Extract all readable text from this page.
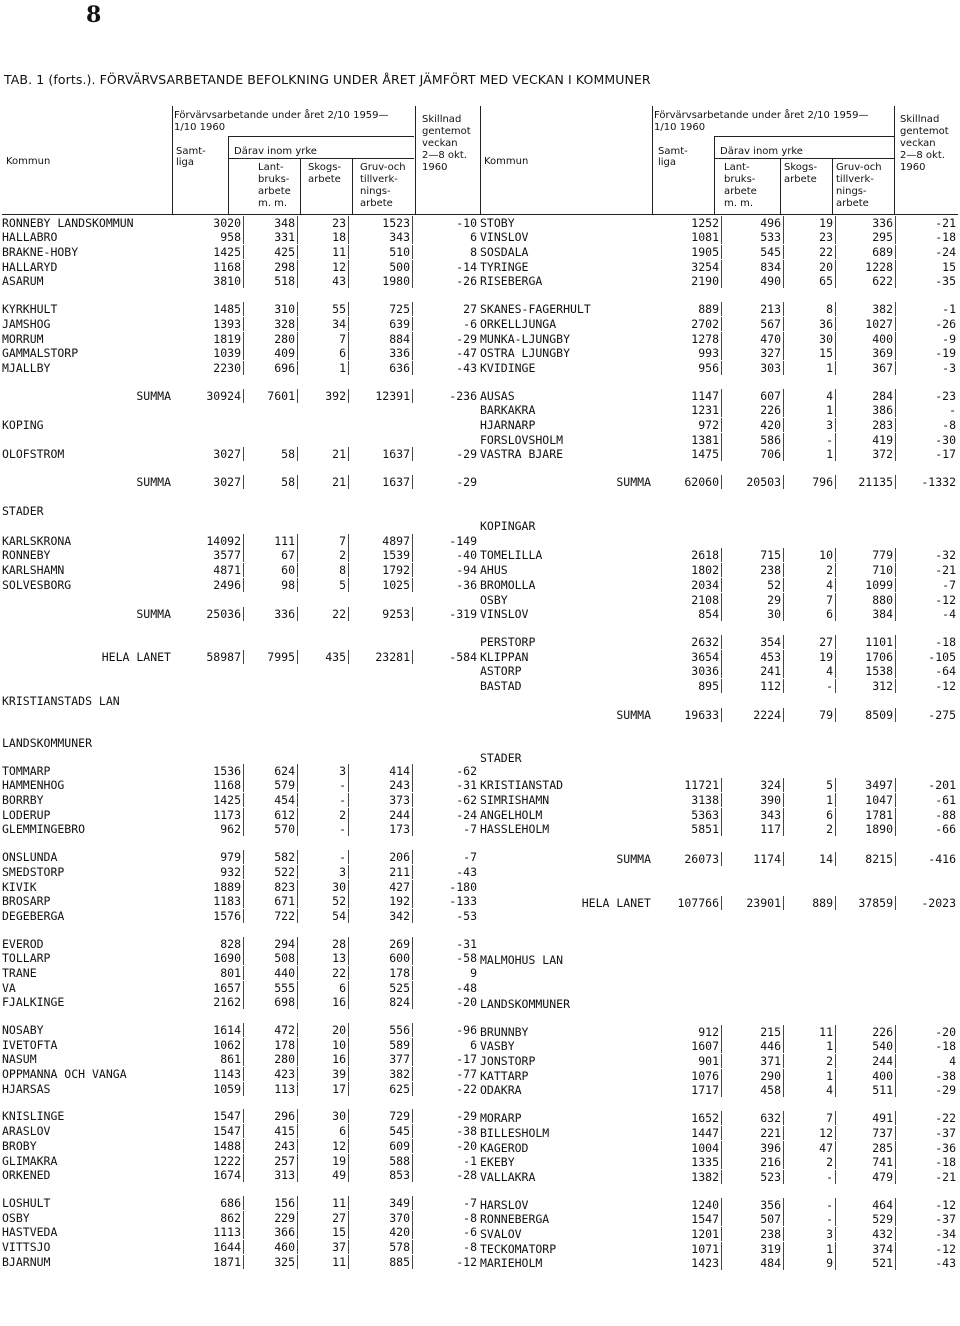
8
TAB. 1 (forts.). FÖRVÄRVSARBETANDE BEFOLKNING UNDER ÅRET JÄMFÖRT MED VECKAN I KOMMUNER
Kommun
Förvärvsarbetande under året 2/10 1959—
1/10 1960
Samt-
liga
Därav inom yrke
Lant-
bruks-
arbete
m. m.
Skogs-
arbete
Gruv-och
tillverk-
nings-
arbete
Skillnad
gentemot
veckan
2—8 okt.
1960
RONNEBY LANDSKOMMUN	3020	348	23	1523	-10
HALLABRO	958	331	18	343	6
BRAKNE-HOBY	1425	425	11	510	8
HALLARYD	1168	298	12	500	-14
ASARUM	3810	518	43	1980	-26
KYRKHULT	1485	310	55	725	27
JAMSHOG	1393	328	34	639	-6
MORRUM	1819	280	7	884	-29
GAMMALSTORP	1039	409	6	336	-47
MJALLBY	2230	696	1	636	-43
SUMMA	30924	7601	392	12391	-236
KOPING
OLOFSTROM	3027	58	21	1637	-29
SUMMA	3027	58	21	1637	-29
STADER
KARLSKRONA	14092	111	7	4897	-149
RONNEBY	3577	67	2	1539	-40
KARLSHAMN	4871	60	8	1792	-94
SOLVESBORG	2496	98	5	1025	-36
SUMMA	25036	336	22	9253	-319
HELA LANET	58987	7995	435	23281	-584
KRISTIANSTADS LAN
LANDSKOMMUNER
TOMMARP	1536	624	3	414	-62
HAMMENHOG	1168	579	-	243	-31
BORRBY	1425	454	-	373	-62
LODERUP	1173	612	2	244	-24
GLEMMINGEBRO	962	570	-	173	-7
ONSLUNDA	979	582	-	206	-7
SMEDSTORP	932	522	3	211	-43
KIVIK	1889	823	30	427	-180
BROSARP	1183	671	52	192	-133
DEGEBERGA	1576	722	54	342	-53
EVEROD	828	294	28	269	-31
TOLLARP	1690	508	13	600	-58
TRANE	801	440	22	178	9
VA	1657	555	6	525	-48
FJALKINGE	2162	698	16	824	-20
NOSABY	1614	472	20	556	-96
IVETOFTA	1062	178	10	589	6
NASUM	861	280	16	377	-17
OPPMANNA OCH VANGA	1143	423	39	382	-77
HJARSAS	1059	113	17	625	-22
KNISLINGE	1547	296	30	729	-29
ARASLOV	1547	415	6	545	-38
BROBY	1488	243	12	609	-20
GLIMAKRA	1222	257	19	588	-1
ORKENED	1674	313	49	853	-28
LOSHULT	686	156	11	349	-7
OSBY	862	229	27	370	-8
HASTVEDA	1113	366	15	420	-6
VITTSJO	1644	460	37	578	-8
BJARNUM	1871	325	11	885	-12
Kommun
Förvärvsarbetande under året 2/10 1959—
1/10 1960
Samt-
liga
Därav inom yrke
Lant-
bruks-
arbete
m. m.
Skogs-
arbete
Gruv-och
tillverk-
nings-
arbete
Skillnad
gentemot
veckan
2—8 okt.
1960
STOBY	1252	496	19	336	-21
VINSLOV	1081	533	23	295	-18
SOSDALA	1905	545	22	689	-24
TYRINGE	3254	834	20	1228	15
RISEBERGA	2190	490	65	622	-35
SKANES-FAGERHULT	889	213	8	382	-1
ORKELLJUNGA	2702	567	36	1027	-26
MUNKA-LJUNGBY	1278	470	30	400	-9
OSTRA LJUNGBY	993	327	15	369	-19
KVIDINGE	956	303	1	367	-3
AUSAS	1147	607	4	284	-23
BARKAKRA	1231	226	1	386	-
HJARNARP	972	420	3	283	-8
FORSLOVSHOLM	1381	586	-	419	-30
VASTRA BJARE	1475	706	1	372	-17
SUMMA	62060	20503	796	21135	-1332
KOPINGAR
TOMELILLA	2618	715	10	779	-32
AHUS	1802	238	2	710	-21
BROMOLLA	2034	52	4	1099	-7
OSBY	2108	29	7	880	-12
VINSLOV	854	30	6	384	-4
PERSTORP	2632	354	27	1101	-18
KLIPPAN	3654	453	19	1706	-105
ASTORP	3036	241	4	1538	-64
BASTAD	895	112	-	312	-12
SUMMA	19633	2224	79	8509	-275
STADER
KRISTIANSTAD	11721	324	5	3497	-201
SIMRISHAMN	3138	390	1	1047	-61
ANGELHOLM	5363	343	6	1781	-88
HASSLEHOLM	5851	117	2	1890	-66
SUMMA	26073	1174	14	8215	-416
HELA LANET	107766	23901	889	37859	-2023
MALMOHUS LAN
LANDSKOMMUNER
BRUNNBY	912	215	11	226	-20
VASBY	1607	446	1	540	-18
JONSTORP	901	371	2	244	4
KATTARP	1076	290	1	400	-38
ODAKRA	1717	458	4	511	-29
MORARP	1652	632	7	491	-22
BILLESHOLM	1447	221	12	737	-37
KAGEROD	1004	396	47	285	-36
EKEBY	1335	216	2	741	-18
VALLAKRA	1382	523	-	479	-21
HARSLOV	1240	356	-	464	-12
RONNEBERGA	1547	507	-	529	-37
SVALOV	1201	238	3	432	-34
TECKOMATORP	1071	319	1	374	-12
MARIEHOLM	1423	484	9	521	-43
